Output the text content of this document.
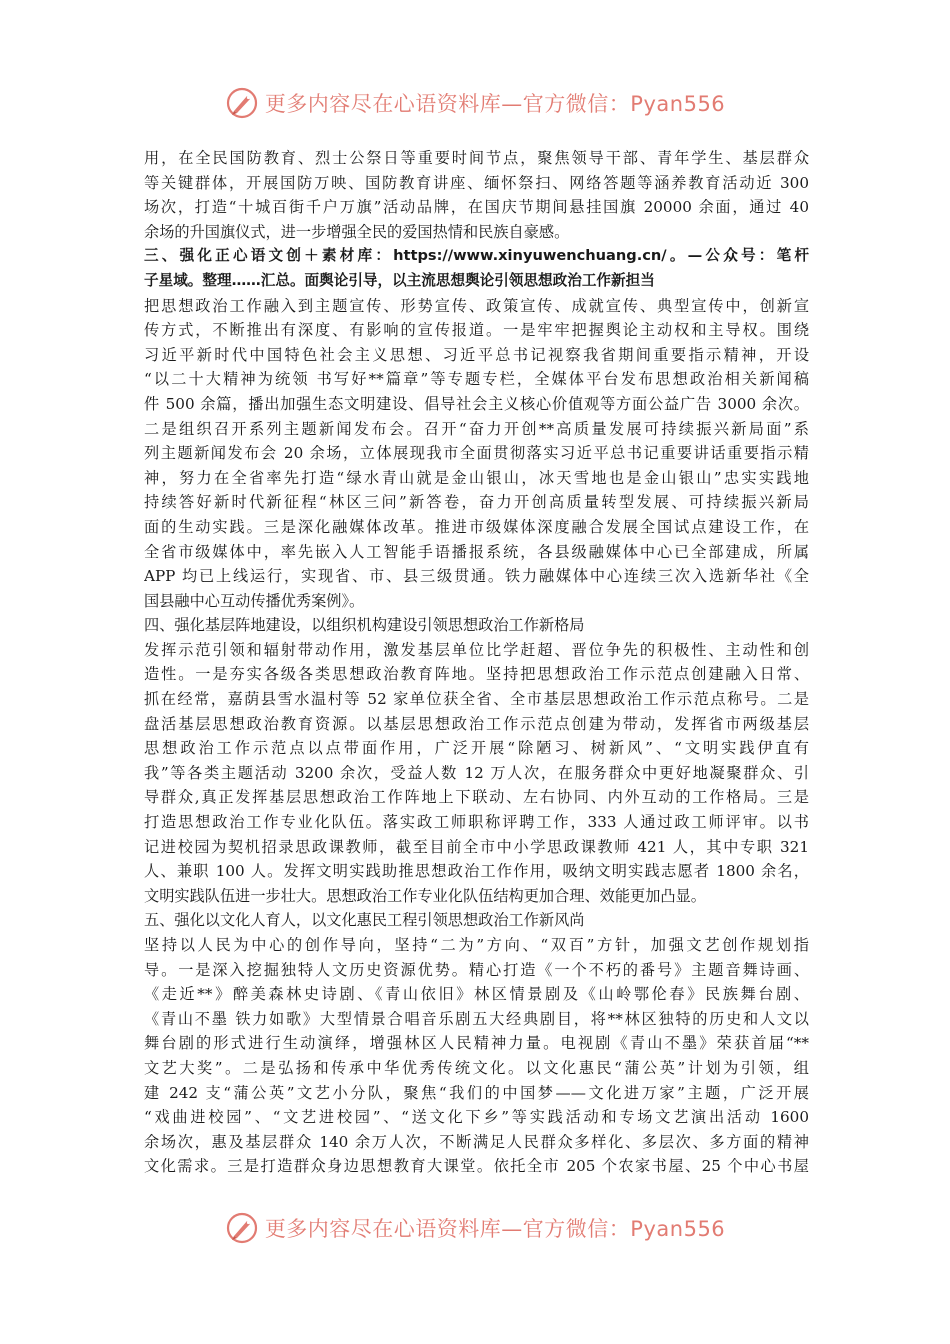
更多内容尽在心语资料库—官方微信：Pyan556
用，在全民国防教育、烈士公祭日等重要时间节点，聚焦领导干部、青年学生、基层群众
等关键群体，开展国防万映、国防教育讲座、缅怀祭扫、网络答题等涵养教育活动近 300
场次，打造“十城百街千户万旗”活动品牌，在国庆节期间悬挂国旗 20000 余面，通过 40
余场的升国旗仪式，进一步增强全民的爱国热情和民族自豪感。
三、强化正心语文创＋素材库：https://www.xinyuwenchuang.cn/。—公众号：笔杆
子星域。整理……汇总。面舆论引导，以主流思想舆论引领思想政治工作新担当
把思想政治工作融入到主题宣传、形势宣传、政策宣传、成就宣传、典型宣传中，创新宣
传方式，不断推出有深度、有影响的宣传报道。一是牢牢把握舆论主动权和主导权。围绕
习近平新时代中国特色社会主义思想、习近平总书记视察我省期间重要指示精神，开设
“以二十大精神为统领 书写好**篇章”等专题专栏，全媒体平台发布思想政治相关新闻稿
件 500 余篇，播出加强生态文明建设、倡导社会主义核心价值观等方面公益广告 3000 余次。
二是组织召开系列主题新闻发布会。召开“奋力开创**高质量发展可持续振兴新局面”系
列主题新闻发布会 20 余场，立体展现我市全面贯彻落实习近平总书记重要讲话重要指示精
神，努力在全省率先打造“绿水青山就是金山银山，冰天雪地也是金山银山”忠实实践地
持续答好新时代新征程“林区三问”新答卷，奋力开创高质量转型发展、可持续振兴新局
面的生动实践。三是深化融媒体改革。推进市级媒体深度融合发展全国试点建设工作，在
全省市级媒体中，率先嵌入人工智能手语播报系统，各县级融媒体中心已全部建成，所属
APP 均已上线运行，实现省、市、县三级贯通。铁力融媒体中心连续三次入选新华社《全
国县融中心互动传播优秀案例》。
四、强化基层阵地建设，以组织机构建设引领思想政治工作新格局
发挥示范引领和辐射带动作用，激发基层单位比学赶超、晋位争先的积极性、主动性和创
造性。一是夯实各级各类思想政治教育阵地。坚持把思想政治工作示范点创建融入日常、
抓在经常，嘉荫县雪水温村等 52 家单位获全省、全市基层思想政治工作示范点称号。二是
盘活基层思想政治教育资源。以基层思想政治工作示范点创建为带动，发挥省市两级基层
思想政治工作示范点以点带面作用，广泛开展“除陋习、树新风”、“文明实践伊直有
我”等各类主题活动 3200 余次，受益人数 12 万人次，在服务群众中更好地凝聚群众、引
导群众,真正发挥基层思想政治工作阵地上下联动、左右协同、内外互动的工作格局。三是
打造思想政治工作专业化队伍。落实政工师职称评聘工作，333 人通过政工师评审。以书
记进校园为契机招录思政课教师，截至目前全市中小学思政课教师 421 人，其中专职 321
人、兼职 100 人。发挥文明实践助推思想政治工作作用，吸纳文明实践志愿者 1800 余名，
文明实践队伍进一步壮大。思想政治工作专业化队伍结构更加合理、效能更加凸显。
五、强化以文化人育人，以文化惠民工程引领思想政治工作新风尚
坚持以人民为中心的创作导向，坚持“二为”方向、“双百”方针，加强文艺创作规划指
导。一是深入挖掘独特人文历史资源优势。精心打造《一个不朽的番号》主题音舞诗画、
《走近**》醉美森林史诗剧、《青山依旧》林区情景剧及《山岭鄂伦春》民族舞台剧、
《青山不墨 铁力如歌》大型情景合唱音乐剧五大经典剧目，将**林区独特的历史和人文以
舞台剧的形式进行生动演绎，增强林区人民精神力量。电视剧《青山不墨》荣获首届“**
文艺大奖”。二是弘扬和传承中华优秀传统文化。以文化惠民“蒲公英”计划为引领，组
建 242 支“蒲公英”文艺小分队，聚焦“我们的中国梦——文化进万家”主题，广泛开展
“戏曲进校园”、“文艺进校园”、“送文化下乡”等实践活动和专场文艺演出活动 1600
余场次，惠及基层群众 140 余万人次，不断满足人民群众多样化、多层次、多方面的精神
文化需求。三是打造群众身边思想教育大课堂。依托全市 205 个农家书屋、25 个中心书屋
更多内容尽在心语资料库—官方微信：Pyan556
